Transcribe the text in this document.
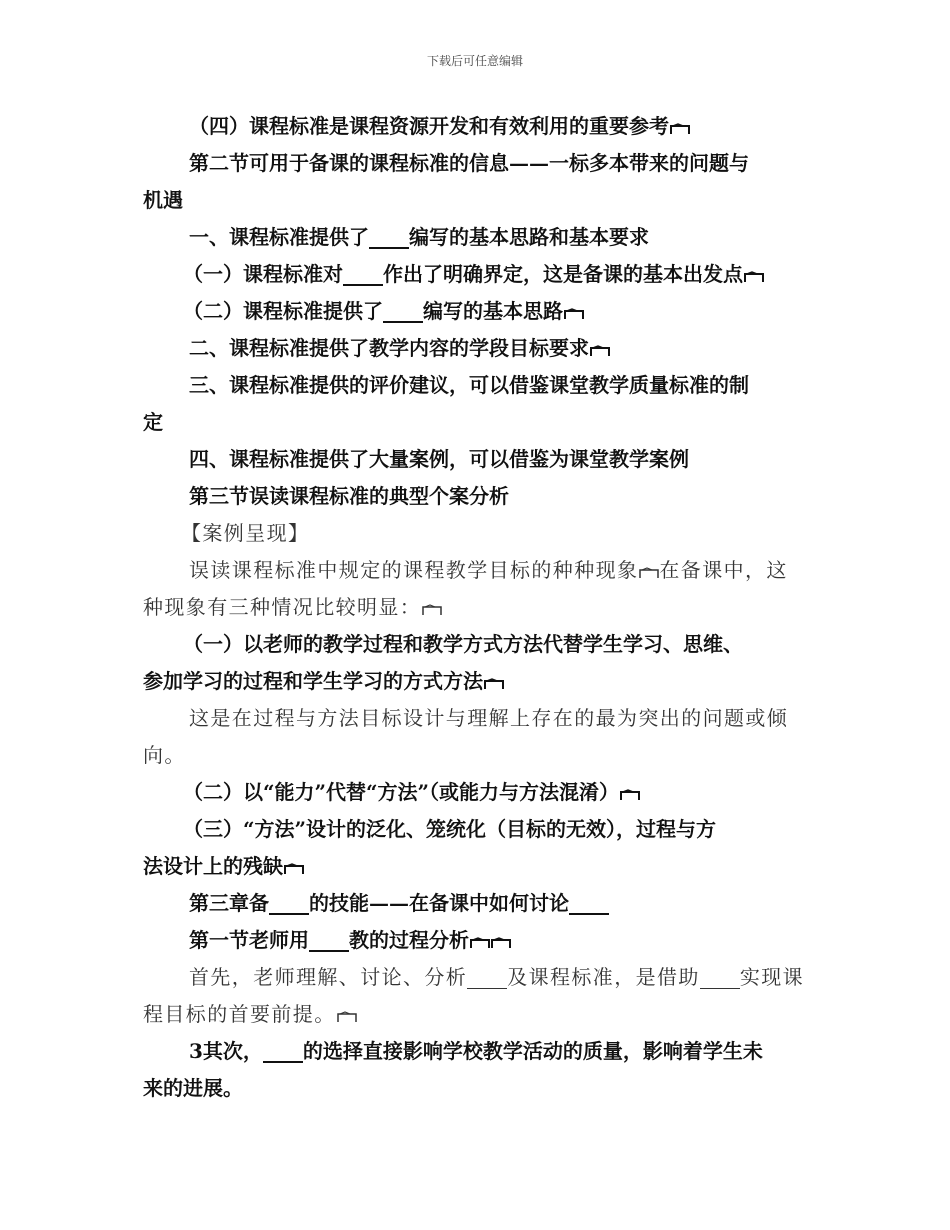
下载后可任意编辑
（四）课程标准是课程资源开发和有效利用的重要参考
第二节可用于备课的课程标准的信息——一标多本带来的问题与
机遇
一、课程标准提供了 编写的基本思路和基本要求
（一）课程标准对 作出了明确界定，这是备课的基本出发点
（二）课程标准提供了 编写的基本思路
二、课程标准提供了教学内容的学段目标要求
三、课程标准提供的评价建议，可以借鉴课堂教学质量标准的制
定
四、课程标准提供了大量案例，可以借鉴为课堂教学案例
第三节误读课程标准的典型个案分析
【案例呈现】
误读课程标准中规定的课程教学目标的种种现象 在备课中，这
种现象有三种情况比较明显：
（一）以老师的教学过程和教学方式方法代替学生学习、思维、
参加学习的过程和学生学习的方式方法
这是在过程与方法目标设计与理解上存在的最为突出的问题或倾
向。
（二）以“能力”代替“方法”（或能力与方法混淆）
（三）“方法”设计的泛化、笼统化（目标的无效），过程与方
法设计上的残缺
第三章备 的技能——在备课中如何讨论
第一节老师用 教的过程分析
首先，老师理解、讨论、分析 及课程标准，是借助 实现课
程目标的首要前提。
3其次， 的选择直接影响学校教学活动的质量，影响着学生未
来的进展。
